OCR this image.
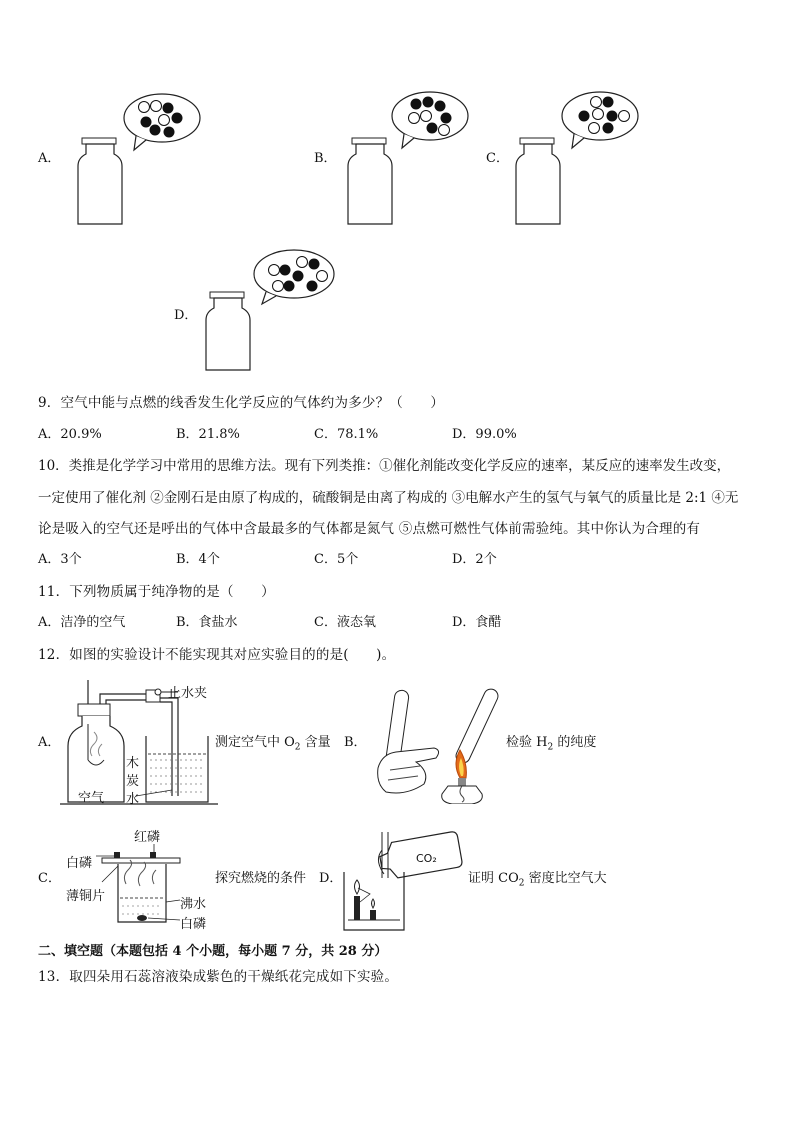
A．	B．	C．
D．
9．空气中能与点燃的线香发生化学反应的气体约为多少？（　　）
A．20.9%	B．21.8%	C．78.1%	D．99.0%
10．类推是化学学习中常用的思维方法。现有下列类推：①催化剂能改变化学反应的速率，某反应的速率发生改变，
一定使用了催化剂 ②金刚石是由原了构成的，硫酸铜是由离了构成的 ③电解水产生的氢气与氧气的质量比是 2:1 ④无
论是吸入的空气还是呼出的气体中含最最多的气体都是氮气 ⑤点燃可燃性气体前需验纯。其中你认为合理的有
A．3个	B．4个	C．5个	D．2个
11．下列物质属于纯净物的是（　　）
A．洁净的空气	B．食盐水	C．液态氧	D．食醋
12．如图的实验设计不能实现其对应实验目的的是(　　)。
A．
止水夹
木
炭
水
空气
测定空气中 $O_2$ 含量 B．	检验 $H_2$ 的纯度
C．
红磷
白磷
薄铜片
沸水
白磷
探究燃烧的条件 D．
CO₂
证明 $CO_2$ 密度比空气大
二、填空题（本题包括 4 个小题，每小题 7 分，共 28 分）
13．取四朵用石蕊溶液染成紫色的干燥纸花完成如下实验。
